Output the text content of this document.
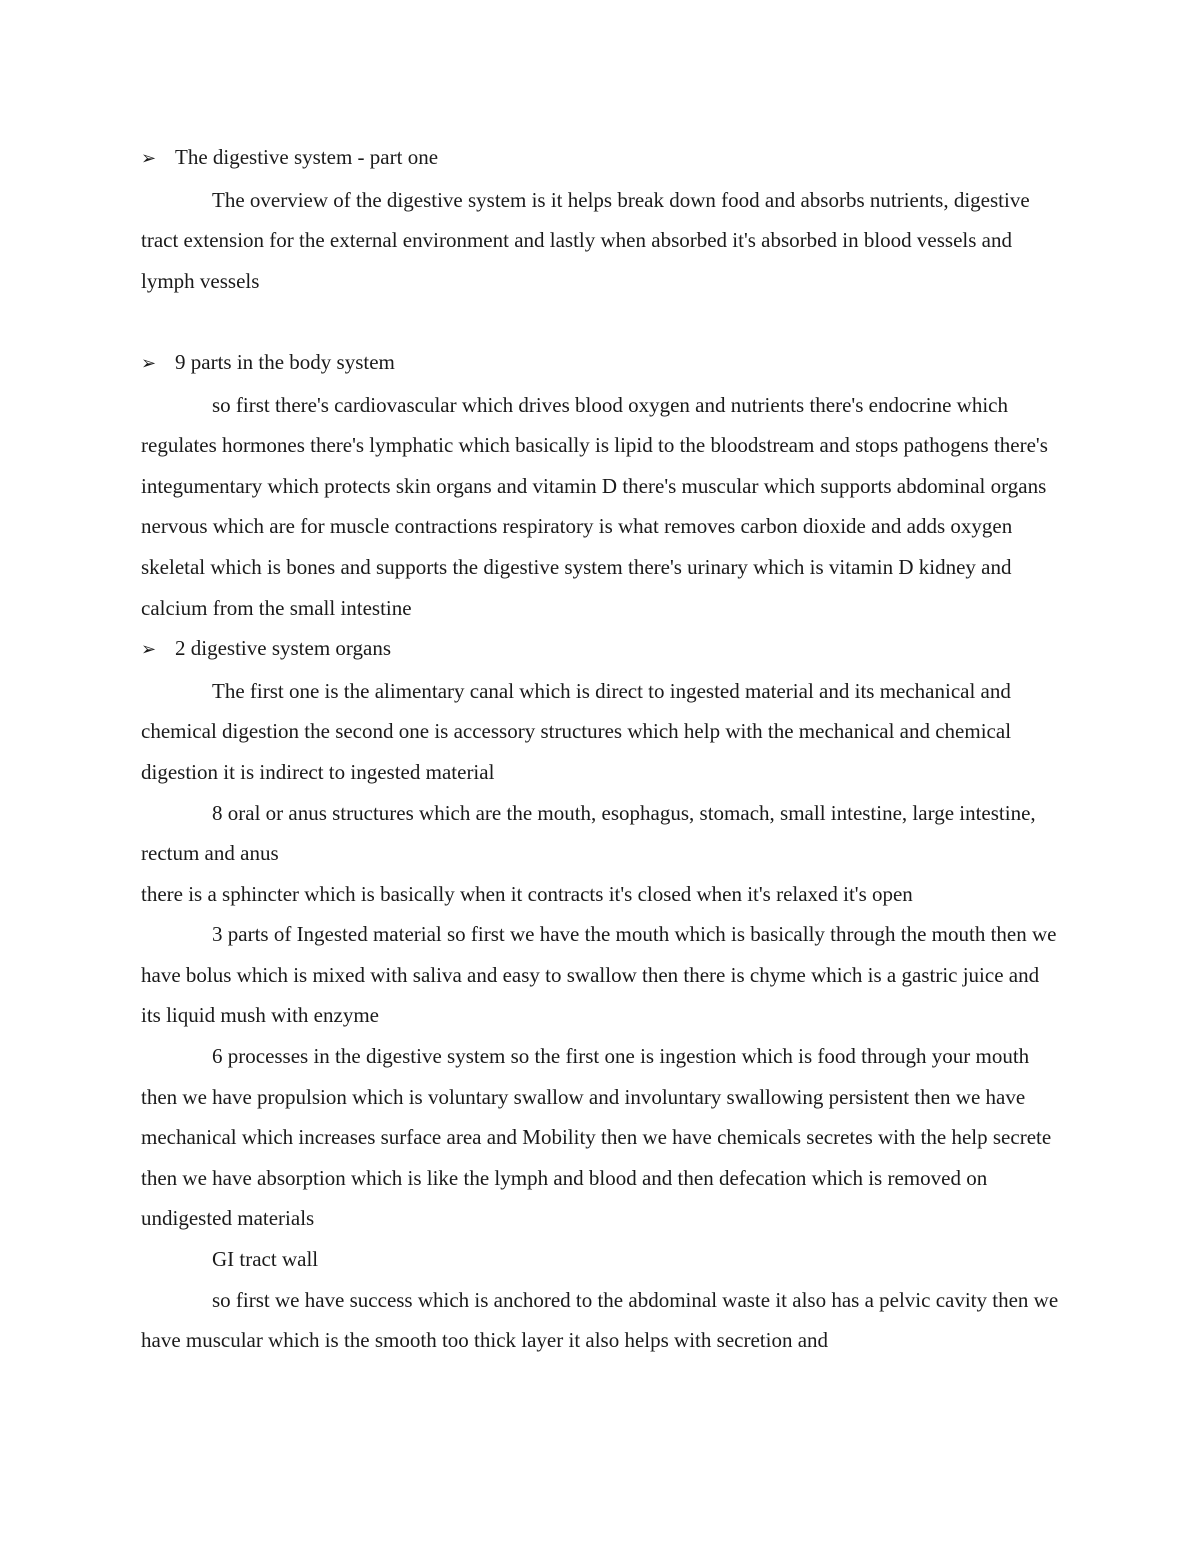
➢ The digestive system - part one

The overview of the digestive system is it helps break down food and absorbs nutrients, digestive tract extension for the external environment and lastly when absorbed it's absorbed in blood vessels and lymph vessels

➢ 9 parts in the body system

so first there's cardiovascular which drives blood oxygen and nutrients there's endocrine which regulates hormones there's lymphatic which basically is lipid to the bloodstream and stops pathogens there's integumentary which protects skin organs and vitamin D there's muscular which supports abdominal organs nervous which are for muscle contractions respiratory is what removes carbon dioxide and adds oxygen skeletal which is bones and supports the digestive system there's urinary which is vitamin D kidney and calcium from the small intestine

➢ 2 digestive system organs

The first one is the alimentary canal which is direct to ingested material and its mechanical and chemical digestion the second one is accessory structures which help with the mechanical and chemical digestion it is indirect to ingested material

8 oral or anus structures which are the mouth, esophagus, stomach, small intestine, large intestine, rectum and anus

there is a sphincter which is basically when it contracts it's closed when it's relaxed it's open

3 parts of Ingested material so first we have the mouth which is basically through the mouth then we have bolus which is mixed with saliva and easy to swallow then there is chyme which is a gastric juice and its liquid mush with enzyme

6 processes in the digestive system so the first one is ingestion which is food through your mouth then we have propulsion which is voluntary swallow and involuntary swallowing persistent then we have mechanical which increases surface area and Mobility then we have chemicals secretes with the help secrete then we have absorption which is like the lymph and blood and then defecation which is removed on undigested materials

GI tract wall

so first we have success which is anchored to the abdominal waste it also has a pelvic cavity then we have muscular which is the smooth too thick layer it also helps with secretion and
